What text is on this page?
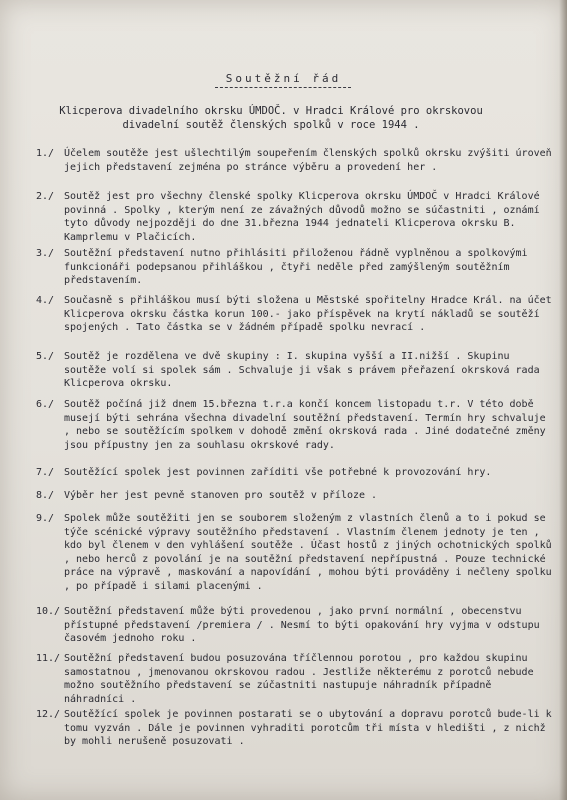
Soutěžní řád
Klicperova divadelního okrsku ÚMDOČ. v Hradci Králové pro okrskovou divadelní soutěž členských spolků v roce 1944 .
1./ Účelem soutěže jest ušlechtilým soupeřením členských spolků okrsku zvýšiti úroveň jejich představení zejména po stránce výběru a provedení her .
2./ Soutěž jest pro všechny členské spolky Klicperova okrsku ÚMDOČ v Hradci Králové povinná . Spolky , kterým není ze závažných důvodů možno se súčastniti , oznámí tyto důvody nejpozději do dne 31.března 1944 jednateli Klicperova okrsku B. Kamprlemu v Plačicích.
3./ Soutěžní představení nutno přihlásiti přiloženou řádně vyplněnou a spolkovými funkcionáři podepsanou přihláškou , čtyři neděle před zamýšleným soutěžním představením.
4./ Současně s přihláškou musí býti složena u Městské spořitelny Hradce Král. na účet Klicperova okrsku částka korun 100.- jako příspěvek na krytí nákladů se soutěží spojených . Tato částka se v žádném případě spolku nevrací .
5./ Soutěž je rozdělena ve dvě skupiny : I. skupina vyšší a II.nižší . Skupinu soutěže volí si spolek sám . Schvaluje ji však s právem přeřazení okrsková rada Klicperova okrsku.
6./ Soutěž počíná již dnem 15.března t.r.a končí koncem listopadu t.r. V této době musejí býti sehrána všechna divadelní soutěžní představení. Termín hry schvaluje , nebo se soutěžícím spolkem v dohodě změní okrsková rada . Jiné dodatečné změny jsou přípustny jen za souhlasu okrskové rady.
7./ Soutěžící spolek jest povinnen zaříditi vše potřebné k provozování hry.
8./ Výběr her jest pevně stanoven pro soutěž v příloze .
9./ Spolek může soutěžiti jen se souborem složeným z vlastních členů a to i pokud se týče scénické výpravy soutěžního představení . Vlastním členem jednoty je ten , kdo byl členem v den vyhlášení soutěže . Účast hostů z jiných ochotnických spolků , nebo herců z povolání je na soutěžní představení nepřípustná . Pouze technické práce na výpravě , maskování a napovídání , mohou býti prováděny i nečleny spolku , po případě i silami placenými .
10./ Soutěžní představení může býti provedenou , jako první normální , obecenstvu přístupné představení /premiera / . Nesmí to býti opakování hry vyjma v odstupu časovém jednoho roku .
11./ Soutěžní představení budou posuzována tříčlennou porotou , pro každou skupinu samostatnou , jmenovanou okrskovou radou . Jestliže některému z porotců nebude možno soutěžního představení se zúčastniti nastupuje náhradník případně náhradníci .
12./ Soutěžící spolek je povinnen postarati se o ubytování a dopravu porotců bude-li k tomu vyzván . Dále je povinnen vyhraditi porotcům tři místa v hledišti , z nichž by mohli nerušeně posuzovati .
